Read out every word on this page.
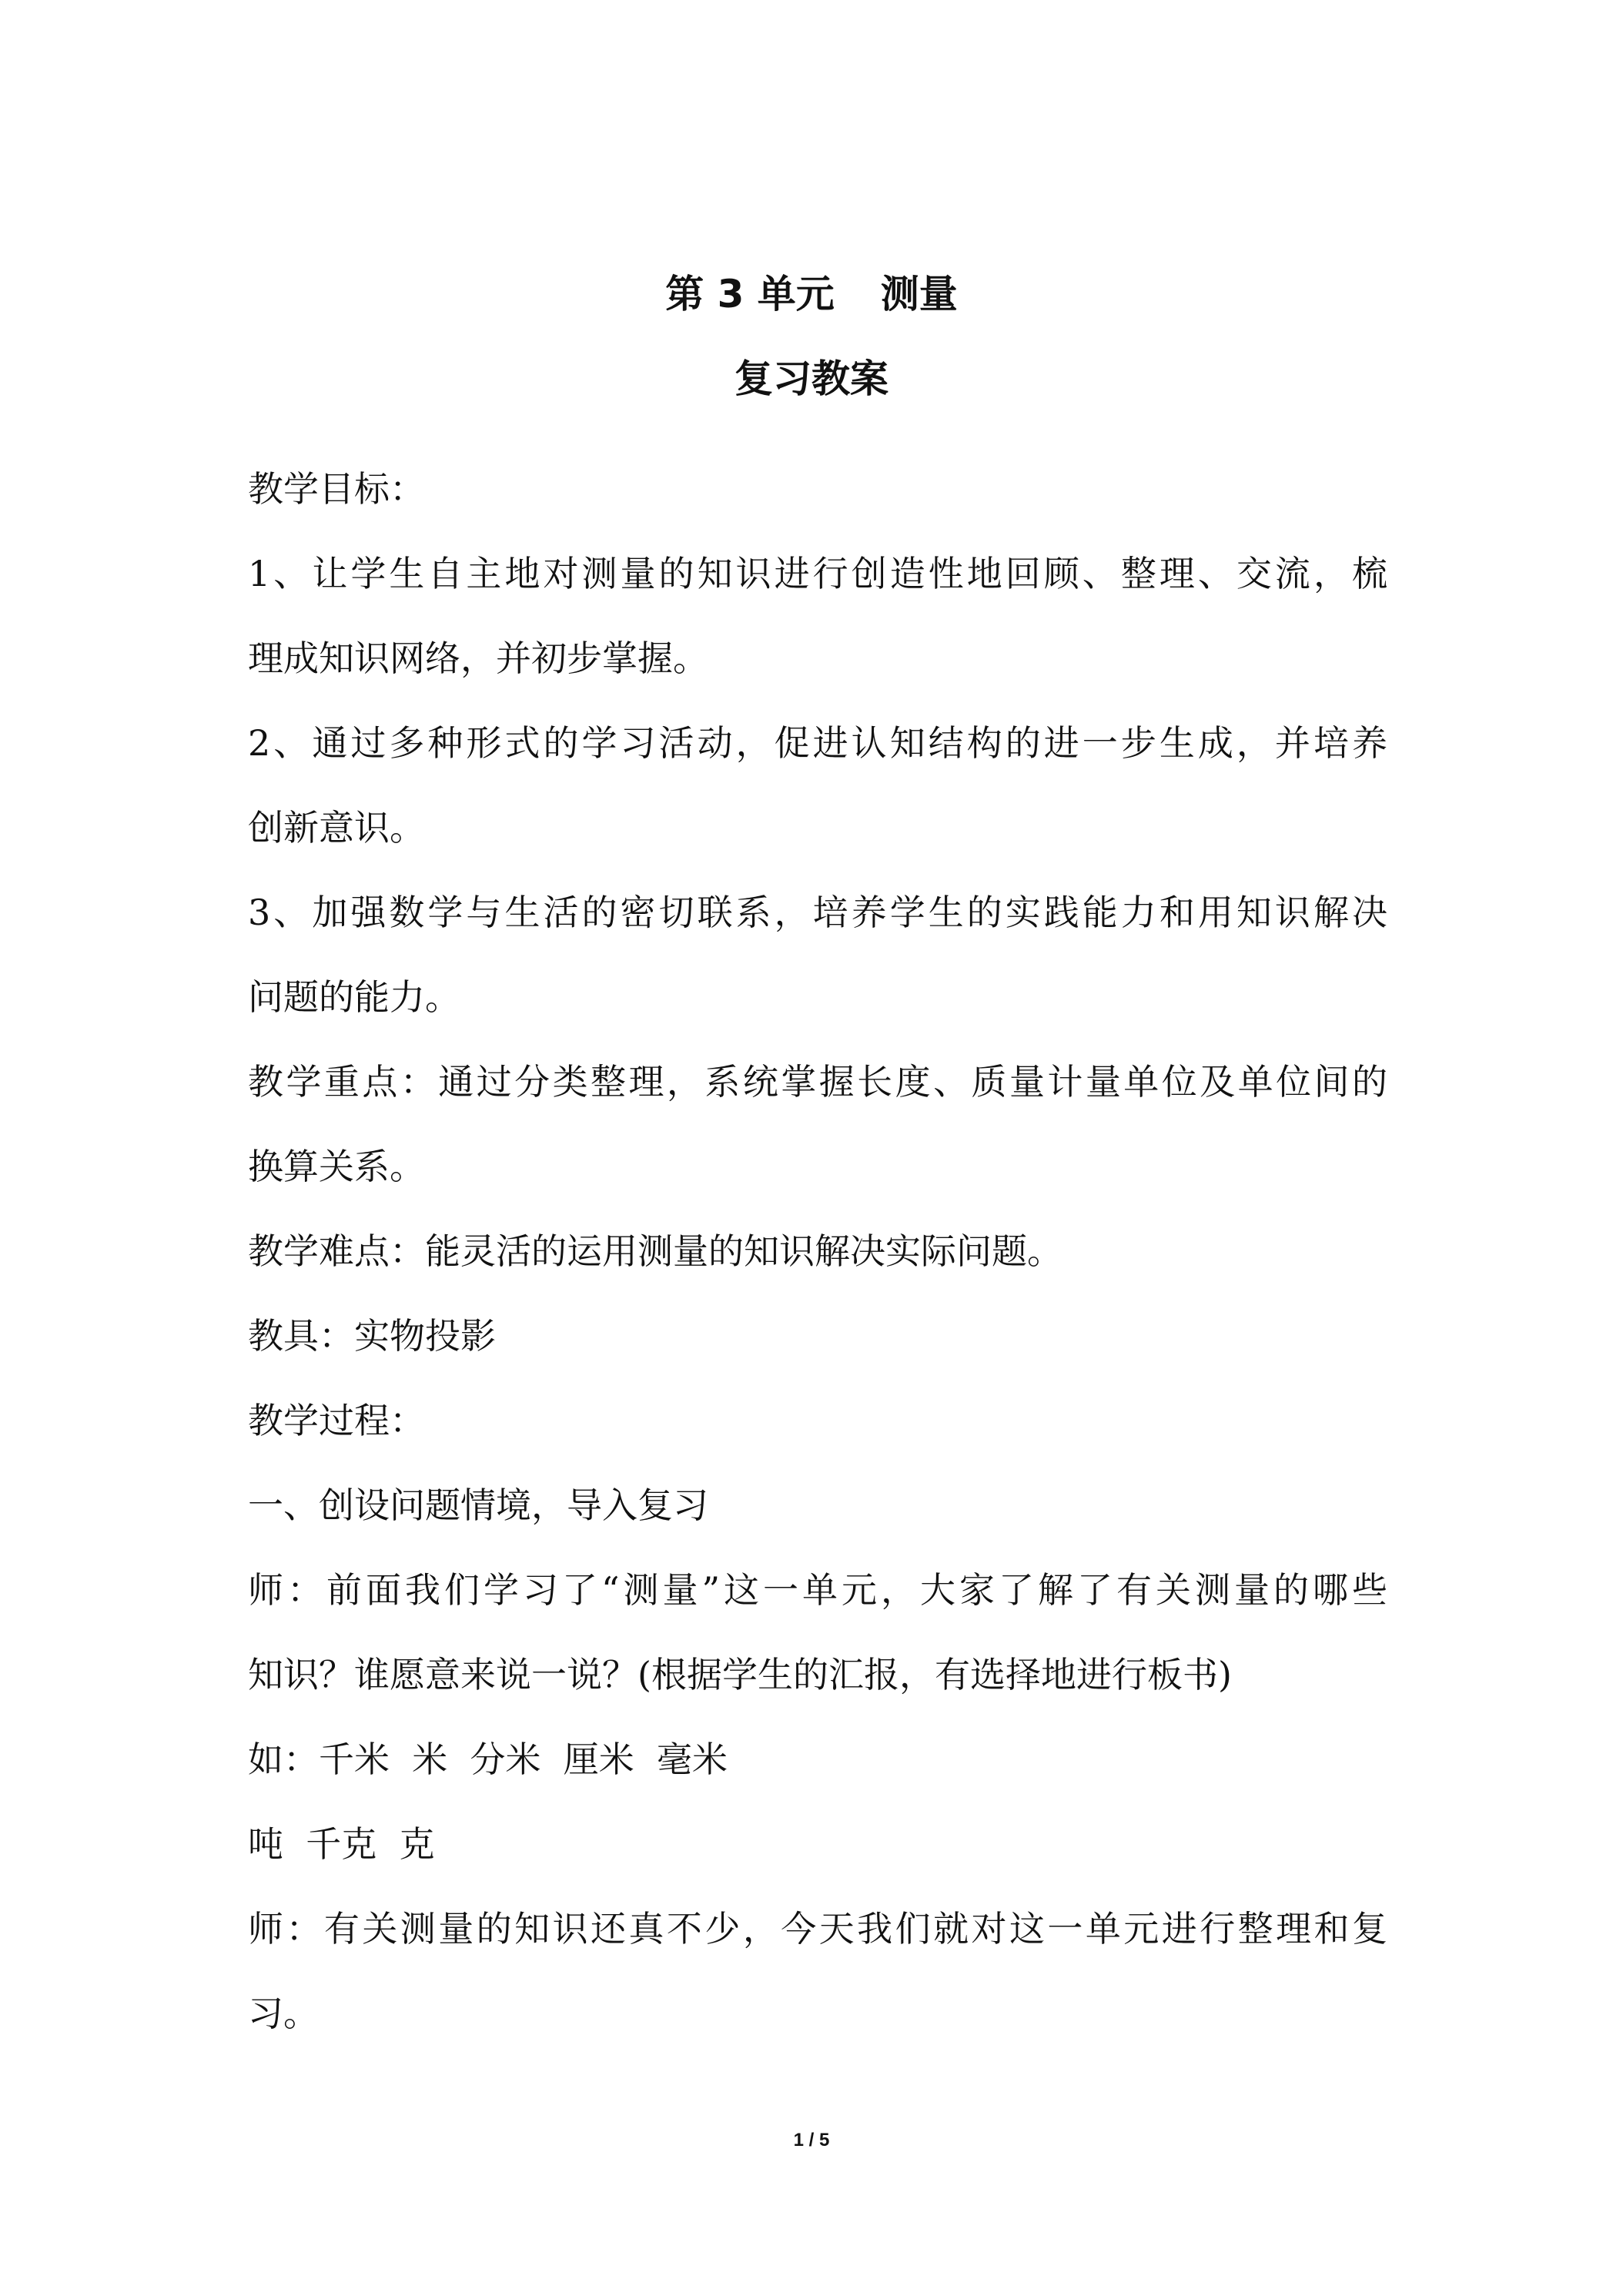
第 3 单元 测量
复习教案
教学目标：
1、让学生自主地对测量的知识进行创造性地回顾、整理、交流，梳
理成知识网络，并初步掌握。
2、通过多种形式的学习活动，促进认知结构的进一步生成，并培养
创新意识。
3、加强数学与生活的密切联系，培养学生的实践能力和用知识解决
问题的能力。
教学重点：通过分类整理，系统掌握长度、质量计量单位及单位间的
换算关系。
教学难点：能灵活的运用测量的知识解决实际问题。
教具：实物投影
教学过程：
一、创设问题情境，导入复习
师：前面我们学习了“测量”这一单元，大家了解了有关测量的哪些
知识？谁愿意来说一说？(根据学生的汇报，有选择地进行板书)
如：千米  米  分米  厘米  毫米
吨  千克  克
师：有关测量的知识还真不少，今天我们就对这一单元进行整理和复
习。
1 / 5
